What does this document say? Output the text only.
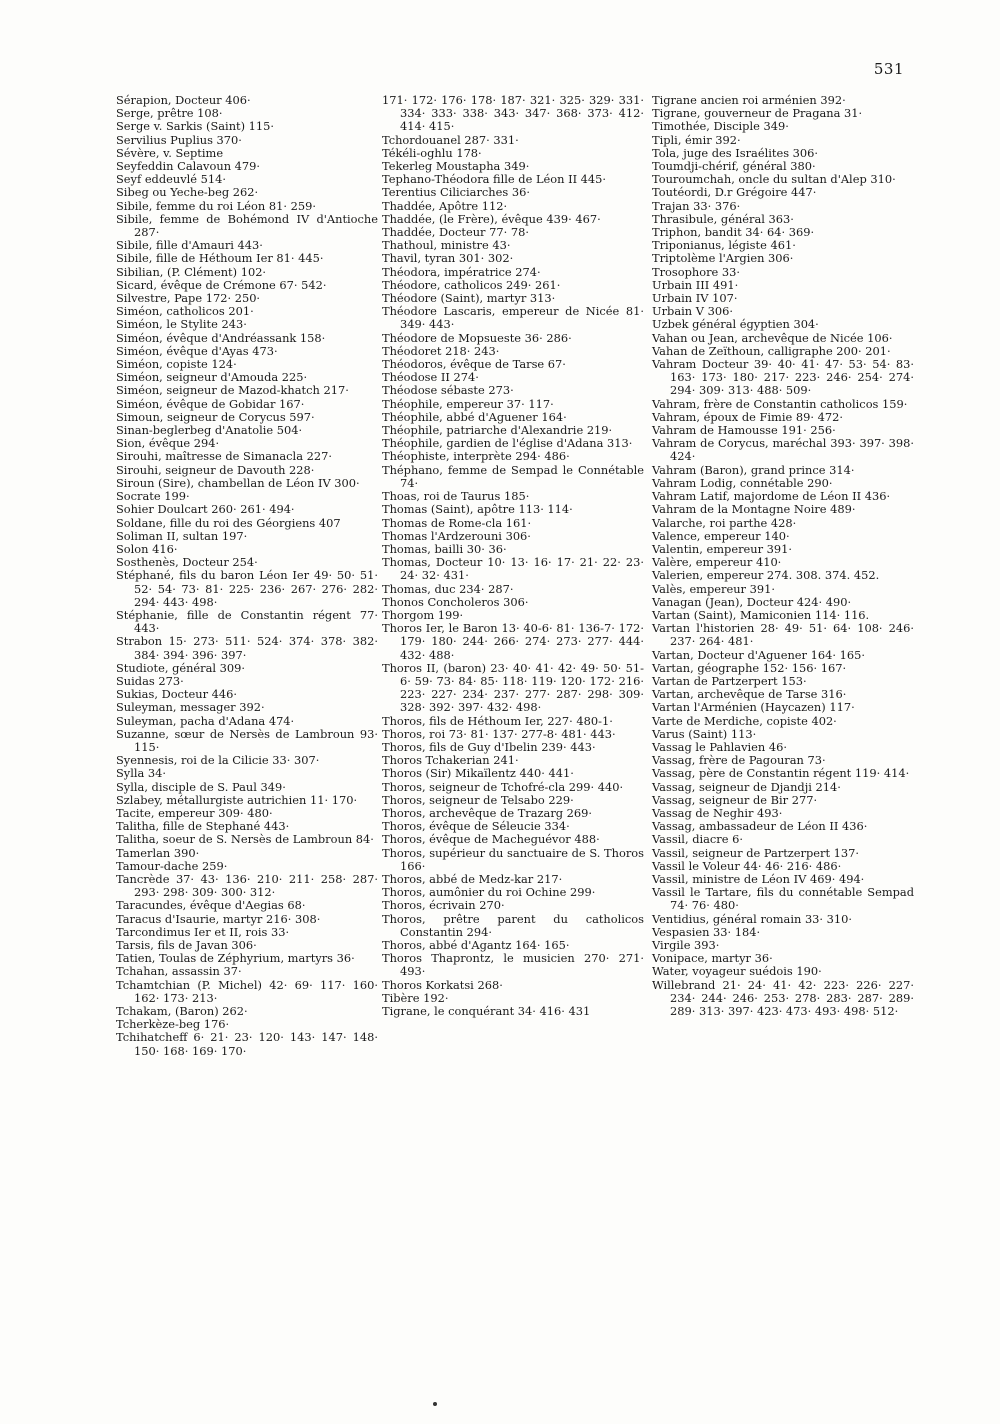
531
Sérapion, Docteur 406·
Serge, prêtre 108·
Serge v. Sarkis (Saint) 115·
Servilius Puplius 370·
Sévère, v. Septime
Seyfeddin Calavoun 479·
Seyf eddeuvlé 514·
Sibeg ou Yeche-beg 262·
Sibile, femme du roi Léon 81· 259·
Sibile, femme de Bohémond IV d'Antioche 287·
Sibile, fille d'Amauri 443·
Sibile, fille de Héthoum Ier 81· 445·
Sibilian, (P. Clément) 102·
Sicard, évêque de Crémone 67· 542·
Silvestre, Pape 172· 250·
Siméon, catholicos 201·
Siméon, le Stylite 243·
Siméon, évêque d'Andréassank 158·
Siméon, évêque d'Ayas 473·
Siméon, copiste 124·
Siméon, seigneur d'Amouda 225·
Siméon, seigneur de Mazod-khatch 217·
Siméon, évêque de Gobidar 167·
Simoun, seigneur de Corycus 597·
Sinan-beglerbeg d'Anatolie 504·
Sion, évêque 294·
Sirouhi, maîtresse de Simanacla 227·
Sirouhi, seigneur de Davouth 228·
Siroun (Sire), chambellan de Léon IV 300·
Socrate 199·
Sohier Doulcart 260· 261· 494·
Soldane, fille du roi des Géorgiens 407
Soliman II, sultan 197·
Solon 416·
Sosthenès, Docteur 254·
Stéphané, fils du baron Léon Ier 49· 50· 51· 52· 54· 73· 81· 225· 236· 267· 276· 282· 294· 443· 498·
Stéphanie, fille de Constantin régent 77· 443·
Strabon 15· 273· 511· 524· 374· 378· 382· 384· 394· 396· 397·
Studiote, général 309·
Suidas 273·
Sukias, Docteur 446·
Suleyman, messager 392·
Suleyman, pacha d'Adana 474·
Suzanne, sœur de Nersès de Lambroun 93· 115·
Syennesis, roi de la Cilicie 33· 307·
Sylla 34·
Sylla, disciple de S. Paul 349·
Szlabey, métallurgiste autrichien 11· 170·
Tacite, empereur 309· 480·
Talitha, fille de Stephané 443·
Talitha, soeur de S. Nersès de Lambroun 84·
Tamerlan 390·
Tamour-dache 259·
Tancrède 37· 43· 136· 210· 211· 258· 287· 293· 298· 309· 300· 312·
Taracundes, évêque d'Aegias 68·
Taracus d'Isaurie, martyr 216· 308·
Tarcondimus Ier et II, rois 33·
Tarsis, fils de Javan 306·
Tatien, Toulas de Zéphyrium, martyrs 36·
Tchahan, assassin 37·
Tchamtchian (P. Michel) 42· 69· 117· 160· 162· 173· 213·
Tchakam, (Baron) 262·
Tcherkèze-beg 176·
Tchihatcheff 6· 21· 23· 120· 143· 147· 148· 150· 168· 169· 170·
171· 172· 176· 178· 187· 321· 325· 329· 331· 334· 333· 338· 343· 347· 368· 373· 412· 414· 415·
Tchordouanel 287· 331·
Tékéli-oghlu 178·
Tekerleg Moustapha 349·
Tephano-Théodora fille de Léon II 445·
Terentius Ciliciarches 36·
Thaddée, Apôtre 112·
Thaddée, (le Frère), évêque 439· 467·
Thaddée, Docteur 77· 78·
Thathoul, ministre 43·
Thavil, tyran 301· 302·
Théodora, impératrice 274·
Théodore, catholicos 249· 261·
Théodore (Saint), martyr 313·
Théodore Lascaris, empereur de Nicée 81· 349· 443·
Théodore de Mopsueste 36· 286·
Théodoret 218· 243·
Théodoros, évêque de Tarse 67·
Théodose II 274·
Théodose sébaste 273·
Théophile, empereur 37· 117·
Théophile, abbé d'Aguener 164·
Théophile, patriarche d'Alexandrie 219·
Théophile, gardien de l'église d'Adana 313·
Théophiste, interprète 294· 486·
Théphano, femme de Sempad le Connétable 74·
Thoas, roi de Taurus 185·
Thomas (Saint), apôtre 113· 114·
Thomas de Rome-cla 161·
Thomas l'Ardzerouni 306·
Thomas, bailli 30· 36·
Thomas, Docteur 10· 13· 16· 17· 21· 22· 23· 24· 32· 431·
Thomas, duc 234· 287·
Thonos Concholeros 306·
Thorgom 199·
Thoros Ier, le Baron 13· 40-6· 81· 136-7· 172· 179· 180· 244· 266· 274· 273· 277· 444· 432· 488·
Thoros II, (baron) 23· 40· 41· 42· 49· 50· 51-6· 59· 73· 84· 85· 118· 119· 120· 172· 216· 223· 227· 234· 237· 277· 287· 298· 309· 328· 392· 397· 432· 498·
Thoros, fils de Héthoum Ier, 227· 480-1·
Thoros, roi 73· 81· 137· 277-8· 481· 443·
Thoros, fils de Guy d'Ibelin 239· 443·
Thoros Tchakerian 241·
Thoros (Sir) Mikaïlentz 440· 441·
Thoros, seigneur de Tchofré-cla 299· 440·
Thoros, seigneur de Telsabo 229·
Thoros, archevêque de Trazarg 269·
Thoros, évêque de Séleucie 334·
Thoros, évêque de Macheguévor 488·
Thoros, supérieur du sanctuaire de S. Thoros 166·
Thoros, abbé de Medz-kar 217·
Thoros, aumônier du roi Ochine 299·
Thoros, écrivain 270·
Thoros, prêtre parent du catholicos Constantin 294·
Thoros, abbé d'Agantz 164· 165·
Thoros Thaprontz, le musicien 270· 271· 493·
Thoros Korkatsi 268·
Tibère 192·
Tigrane, le conquérant 34· 416· 431
Tigrane ancien roi arménien 392·
Tigrane, gouverneur de Pragana 31·
Timothée, Disciple 349·
Tipli, émir 392·
Tola, juge des Israélites 306·
Toumdji-chérif, général 380·
Touroumchah, oncle du sultan d'Alep 310·
Toutéordi, D.r Grégoire 447·
Trajan 33· 376·
Thrasibule, général 363·
Triphon, bandit 34· 64· 369·
Triponianus, légiste 461·
Triptolème l'Argien 306·
Trosophore 33·
Urbain III 491·
Urbain IV 107·
Urbain V 306·
Uzbek général égyptien 304·
Vahan ou Jean, archevêque de Nicée 106·
Vahan de Zeïthoun, calligraphe 200· 201·
Vahram Docteur 39· 40· 41· 47· 53· 54· 83· 163· 173· 180· 217· 223· 246· 254· 274· 294· 309· 313· 488· 509·
Vahram, frère de Constantin catholicos 159·
Vahram, époux de Fimie 89· 472·
Vahram de Hamousse 191· 256·
Vahram de Corycus, maréchal 393· 397· 398· 424·
Vahram (Baron), grand prince 314·
Vahram Lodig, connétable 290·
Vahram Latif, majordome de Léon II 436·
Vahram de la Montagne Noire 489·
Valarche, roi parthe 428·
Valence, empereur 140·
Valentin, empereur 391·
Valère, empereur 410·
Valerien, empereur 274. 308. 374. 452.
Valès, empereur 391·
Vanagan (Jean), Docteur 424· 490·
Vartan (Saint), Mamiconien 114· 116.
Vartan l'historien 28· 49· 51· 64· 108· 246· 237· 264· 481·
Vartan, Docteur d'Aguener 164· 165·
Vartan, géographe 152· 156· 167·
Vartan de Partzerpert 153·
Vartan, archevêque de Tarse 316·
Vartan l'Arménien (Haycazen) 117·
Varte de Merdiche, copiste 402·
Varus (Saint) 113·
Vassag le Pahlavien 46·
Vassag, frère de Pagouran 73·
Vassag, père de Constantin régent 119· 414·
Vassag, seigneur de Djandji 214·
Vassag, seigneur de Bir 277·
Vassag de Neghir 493·
Vassag, ambassadeur de Léon II 436·
Vassil, diacre 6·
Vassil, seigneur de Partzerpert 137·
Vassil le Voleur 44· 46· 216· 486·
Vassil, ministre de Léon IV 469· 494·
Vassil le Tartare, fils du connétable Sempad 74· 76· 480·
Ventidius, général romain 33· 310·
Vespasien 33· 184·
Virgile 393·
Vonipace, martyr 36·
Water, voyageur suédois 190·
Willebrand 21· 24· 41· 42· 223· 226· 227· 234· 244· 246· 253· 278· 283· 287· 289· 289· 313· 397· 423· 473· 493· 498· 512·
